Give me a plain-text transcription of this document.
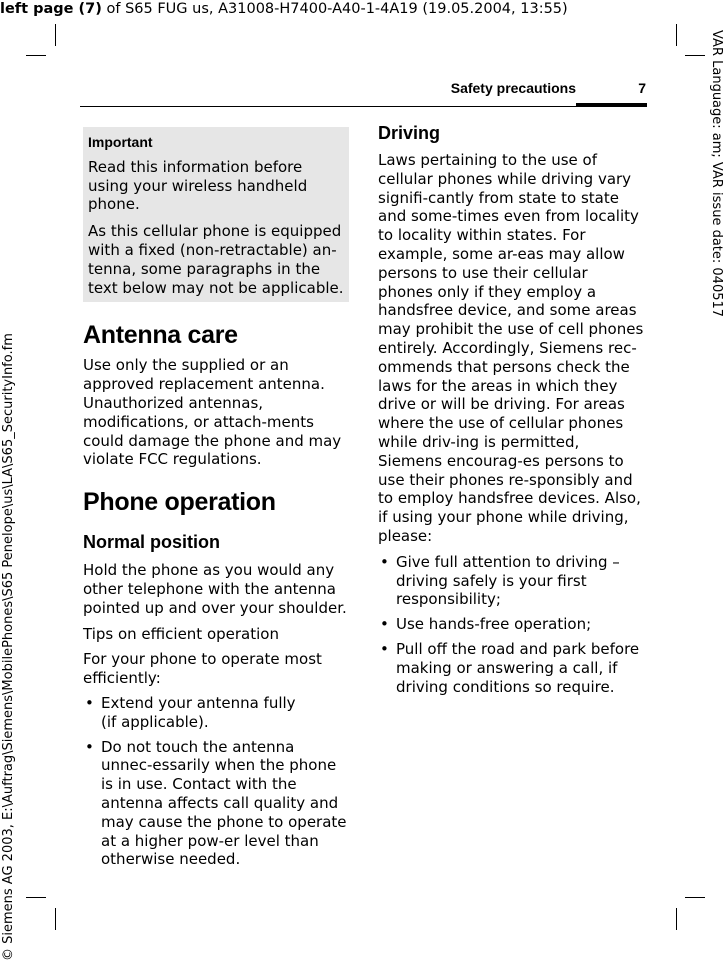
left page (7) of S65 FUG us, A31008-H7400-A40-1-4A19 (19.05.2004, 13:55)
VAR Language: am; VAR issue date: 040517
© Siemens AG 2003, E:\Auftrag\Siemens\MobilePhones\S65 Penelope\us\LA\S65_SecurityInfo.fm
Safety precautions	7
Important

Read this information before using your wireless handheld phone.

As this cellular phone is equipped with a fixed (non-retractable) an-tenna, some paragraphs in the text below may not be applicable.

Antenna care

Use only the supplied or an approved replacement antenna. Unauthorized antennas, modifications, or attach-ments could damage the phone and may violate FCC regulations.

Phone operation
Normal position

Hold the phone as you would any other telephone with the antenna pointed up and over your shoulder.

Tips on efficient operation

For your phone to operate most efficiently:

• Extend your antenna fully (if applicable).
• Do not touch the antenna unnec-essarily when the phone is in use. Contact with the antenna affects call quality and may cause the phone to operate at a higher pow-er level than otherwise needed.
Driving

Laws pertaining to the use of cellular phones while driving vary signifi-cantly from state to state and some-times even from locality to locality within states. For example, some ar-eas may allow persons to use their cellular phones only if they employ a handsfree device, and some areas may prohibit the use of cell phones entirely. Accordingly, Siemens rec-ommends that persons check the laws for the areas in which they drive or will be driving. For areas where the use of cellular phones while driv-ing is permitted, Siemens encourag-es persons to use their phones re-sponsibly and to employ handsfree devices. Also, if using your phone while driving, please:

• Give full attention to driving – driving safely is your first responsibility;
• Use hands-free operation;
• Pull off the road and park before making or answering a call, if driving conditions so require.
